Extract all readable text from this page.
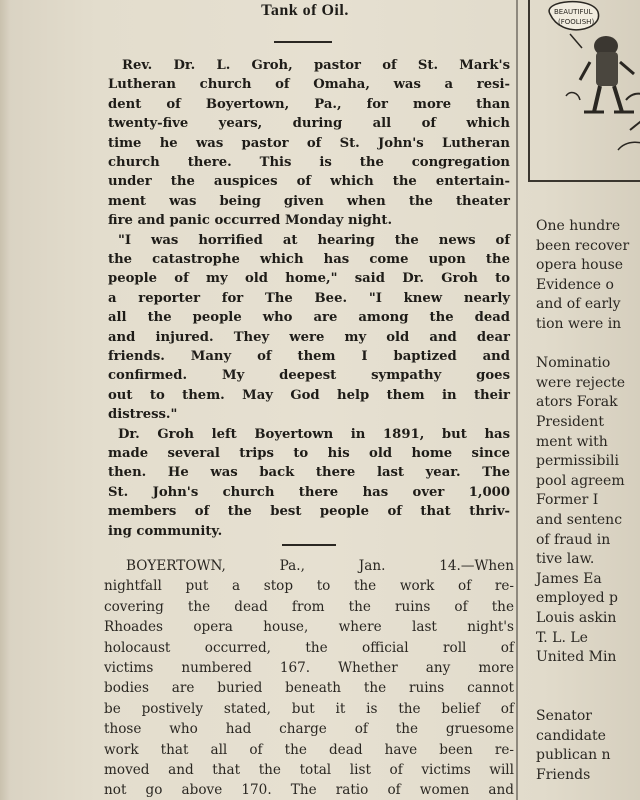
Tank of Oil.
Rev. Dr. L. Groh, pastor of St. Mark's
Lutheran church of Omaha, was a resi-
dent of Boyertown, Pa., for more than
twenty-five years, during all of which
time he was pastor of St. John's Lutheran
church there. This is the congregation
under the auspices of which the entertain-
ment was being given when the theater
fire and panic occurred Monday night.
"I was horrified at hearing the news of
the catastrophe which has come upon the
people of my old home," said Dr. Groh to
a reporter for The Bee. "I knew nearly
all the people who are among the dead
and injured. They were my old and dear
friends. Many of them I baptized and
confirmed. My deepest sympathy goes
out to them. May God help them in their
distress."
Dr. Groh left Boyertown in 1891, but has
made several trips to his old home since
then. He was back there last year. The
St. John's church there has over 1,000
members of the best people of that thriv-
ing community.
BOYERTOWN, Pa., Jan. 14.—When
nightfall put a stop to the work of re-
covering the dead from the ruins of the
Rhoades opera house, where last night's
holocaust occurred, the official roll of
victims numbered 167. Whether any more
bodies are buried beneath the ruins cannot
be postively stated, but it is the belief of
those who had charge of the gruesome
work that all of the dead have been re-
moved and that the total list of victims will
not go above 170. The ratio of women and
BEAUTIFUL
(FOOLISH)
One hundre
been recover
opera house
Evidence o
and of early
tion were in
Nominatio
were rejecte
ators Forak
President
ment with
permissibili
pool agreem
Former I
and sentenc
of fraud in
tive law.
James Ea
employed p
Louis askin
T. L. Le
United Min
Senator
candidate
publican n
Friends
